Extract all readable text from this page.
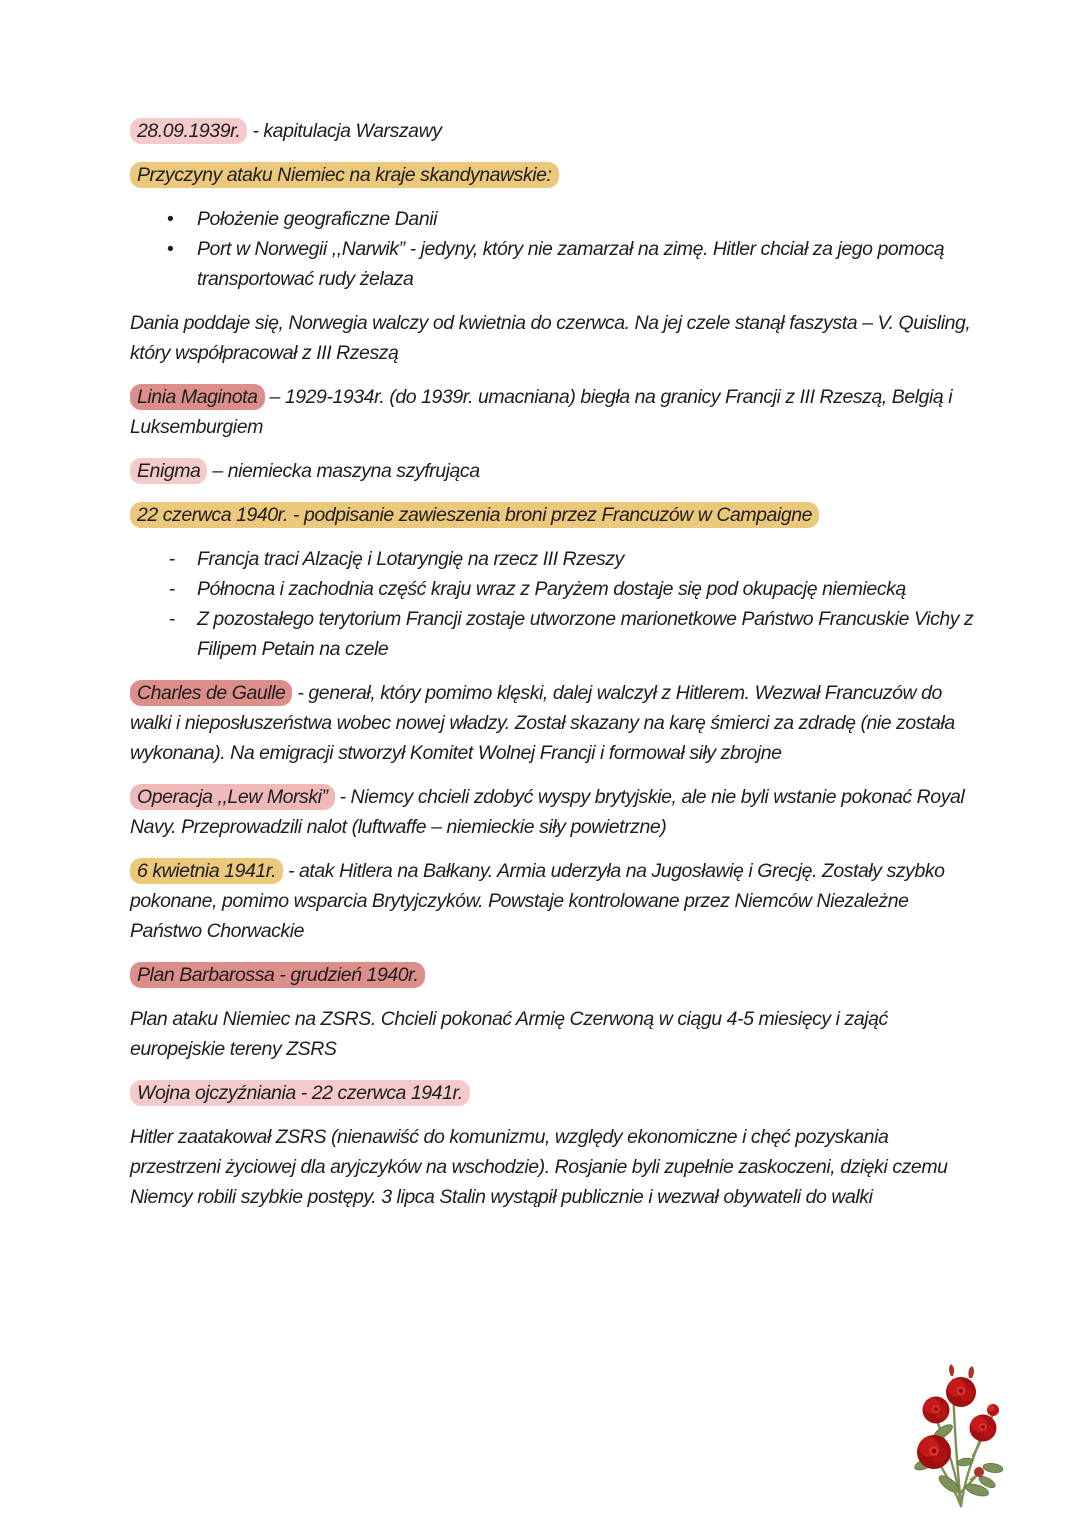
28.09.1939r. - kapitulacja Warszawy

Przyczyny ataku Niemiec na kraje skandynawskie:

• Położenie geograficzne Danii
• Port w Norwegii ,,Narwik” - jedyny, który nie zamarzał na zimę. Hitler chciał za jego pomocą transportować rudy żelaza

Dania poddaje się, Norwegia walczy od kwietnia do czerwca. Na jej czele stanął faszysta – V. Quisling, który współpracował z III Rzeszą

Linia Maginota – 1929-1934r. (do 1939r. umacniana) biegła na granicy Francji z III Rzeszą, Belgią i Luksemburgiem

Enigma – niemiecka maszyna szyfrująca

22 czerwca 1940r. - podpisanie zawieszenia broni przez Francuzów w Campaigne

- Francja traci Alzację i Lotaryngię na rzecz III Rzeszy
- Północna i zachodnia część kraju wraz z Paryżem dostaje się pod okupację niemiecką
- Z pozostałego terytorium Francji zostaje utworzone marionetkowe Państwo Francuskie Vichy z Filipem Petain na czele

Charles de Gaulle - generał, który pomimo klęski, dalej walczył z Hitlerem. Wezwał Francuzów do walki i nieposłuszeństwa wobec nowej władzy. Został skazany na karę śmierci za zdradę (nie została wykonana). Na emigracji stworzył Komitet Wolnej Francji i formował siły zbrojne

Operacja ,,Lew Morski” - Niemcy chcieli zdobyć wyspy brytyjskie, ale nie byli wstanie pokonać Royal Navy. Przeprowadzili nalot (luftwaffe – niemieckie siły powietrzne)

6 kwietnia 1941r. - atak Hitlera na Bałkany. Armia uderzyła na Jugosławię i Grecję. Zostały szybko pokonane, pomimo wsparcia Brytyjczyków. Powstaje kontrolowane przez Niemców Niezależne Państwo Chorwackie

Plan Barbarossa - grudzień 1940r.

Plan ataku Niemiec na ZSRS. Chcieli pokonać Armię Czerwoną w ciągu 4-5 miesięcy i zająć europejskie tereny ZSRS

Wojna ojczyźniania - 22 czerwca 1941r.

Hitler zaatakował ZSRS (nienawiść do komunizmu, względy ekonomiczne i chęć pozyskania przestrzeni życiowej dla aryjczyków na wschodzie). Rosjanie byli zupełnie zaskoczeni, dzięki czemu Niemcy robili szybkie postępy. 3 lipca Stalin wystąpił publicznie i wezwał obywateli do walki
